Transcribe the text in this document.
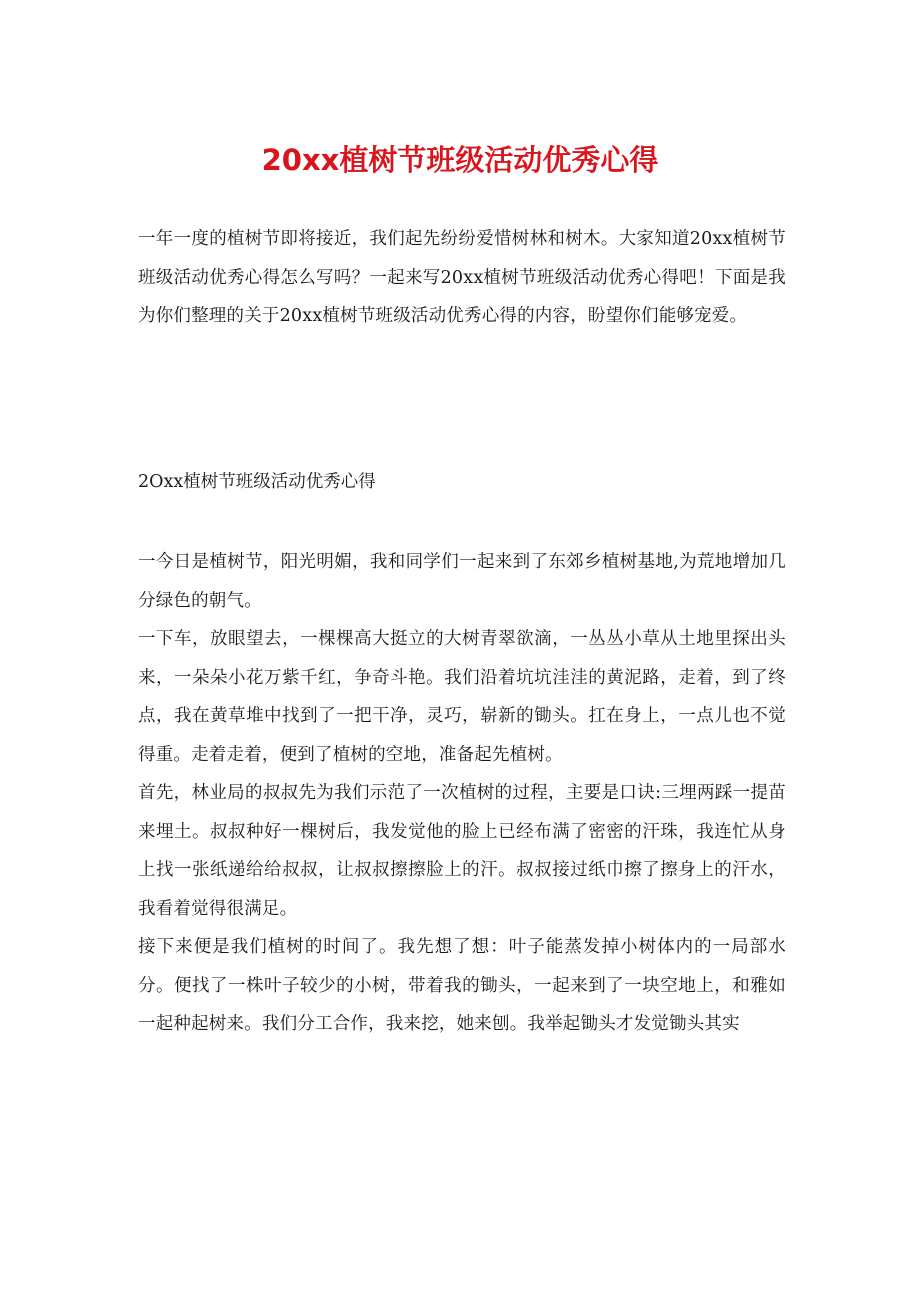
20xx植树节班级活动优秀心得

一年一度的植树节即将接近，我们起先纷纷爱惜树林和树木。大家知道20xx植树节班级活动优秀心得怎么写吗？一起来写20xx植树节班级活动优秀心得吧！下面是我为你们整理的关于20xx植树节班级活动优秀心得的内容，盼望你们能够宠爱。

2Oxx植树节班级活动优秀心得

一今日是植树节，阳光明媚，我和同学们一起来到了东郊乡植树基地,为荒地增加几分绿色的朝气。

一下车，放眼望去，一棵棵高大挺立的大树青翠欲滴，一丛丛小草从土地里探出头来，一朵朵小花万紫千红，争奇斗艳。我们沿着坑坑洼洼的黄泥路，走着，到了终点，我在黄草堆中找到了一把干净，灵巧，崭新的锄头。扛在身上，一点儿也不觉得重。走着走着，便到了植树的空地，准备起先植树。

首先，林业局的叔叔先为我们示范了一次植树的过程，主要是口诀:三埋两踩一提苗来埋土。叔叔种好一棵树后，我发觉他的脸上已经布满了密密的汗珠，我连忙从身上找一张纸递给给叔叔，让叔叔擦擦脸上的汗。叔叔接过纸巾擦了擦身上的汗水，我看着觉得很满足。

接下来便是我们植树的时间了。我先想了想：叶子能蒸发掉小树体内的一局部水分。便找了一株叶子较少的小树，带着我的锄头，一起来到了一块空地上，和雅如一起种起树来。我们分工合作，我来挖，她来刨。我举起锄头才发觉锄头其实
